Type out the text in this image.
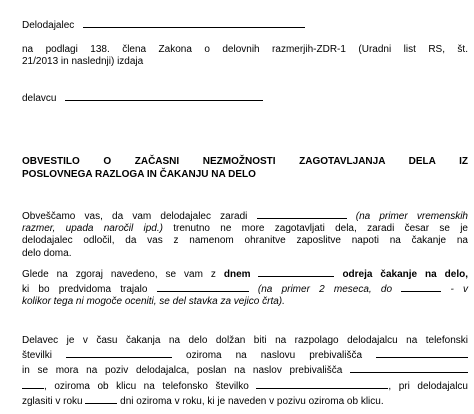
Delodajalec
na podlagi 138. člena Zakona o delovnih razmerjih-ZDR-1 (Uradni list RS, št.
21/2013 in naslednji) izdaja
delavcu
OBVESTILO O ZAČASNI NEZMOŽNOSTI ZAGOTAVLJANJA DELA IZ
POSLOVNEGA RAZLOGA IN ČAKANJU NA DELO
Obveščamo vas, da vam delodajalec zaradi	(na primer vremenskih
razmer, upada naročil ipd.) trenutno ne more zagotavljati dela, zaradi česar se je
delodajalec odločil, da vas z namenom ohranitve zaposlitve napoti na čakanje na
delo doma.
Glede na zgoraj navedeno, se vam z dnem	odreja čakanje na delo,
ki bo predvidoma trajalo	(na primer 2 meseca, do	- v
kolikor tega ni mogoče oceniti, se del stavka za vejico črta).
Delavec je v času čakanja na delo dolžan biti na razpolago delodajalcu na telefonski
številki	oziroma na naslovu prebivališča
in se mora na poziv delodajalca, poslan na naslov prebivališča
, oziroma ob klicu na telefonsko številko	, pri delodajalcu
zglasiti v roku	dni oziroma v roku, ki je naveden v pozivu oziroma ob klicu.
